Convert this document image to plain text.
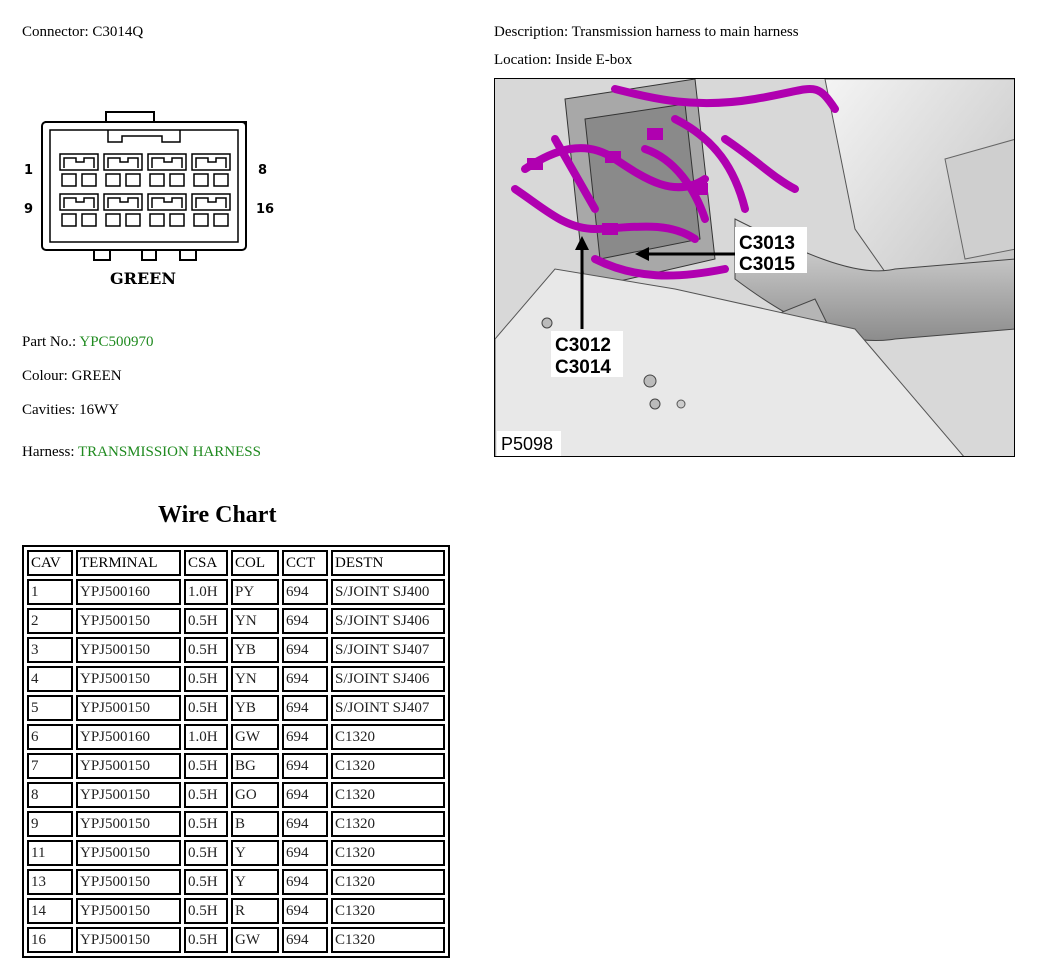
Connector: C3014Q	Description: Transmission harness to main harness
Location: Inside E-box
1	8
9	16
GREEN
C3013
C3015
C3012
C3014
P5098
Part No.: YPC500970
Colour: GREEN
Cavities: 16WY
Harness: TRANSMISSION HARNESS
Wire Chart
CAV	TERMINAL	CSA	COL	CCT	DESTN
1	YPJ500160	1.0H	PY	694	S/JOINT SJ400
2	YPJ500150	0.5H	YN	694	S/JOINT SJ406
3	YPJ500150	0.5H	YB	694	S/JOINT SJ407
4	YPJ500150	0.5H	YN	694	S/JOINT SJ406
5	YPJ500150	0.5H	YB	694	S/JOINT SJ407
6	YPJ500160	1.0H	GW	694	C1320
7	YPJ500150	0.5H	BG	694	C1320
8	YPJ500150	0.5H	GO	694	C1320
9	YPJ500150	0.5H	B	694	C1320
11	YPJ500150	0.5H	Y	694	C1320
13	YPJ500150	0.5H	Y	694	C1320
14	YPJ500150	0.5H	R	694	C1320
16	YPJ500150	0.5H	GW	694	C1320
